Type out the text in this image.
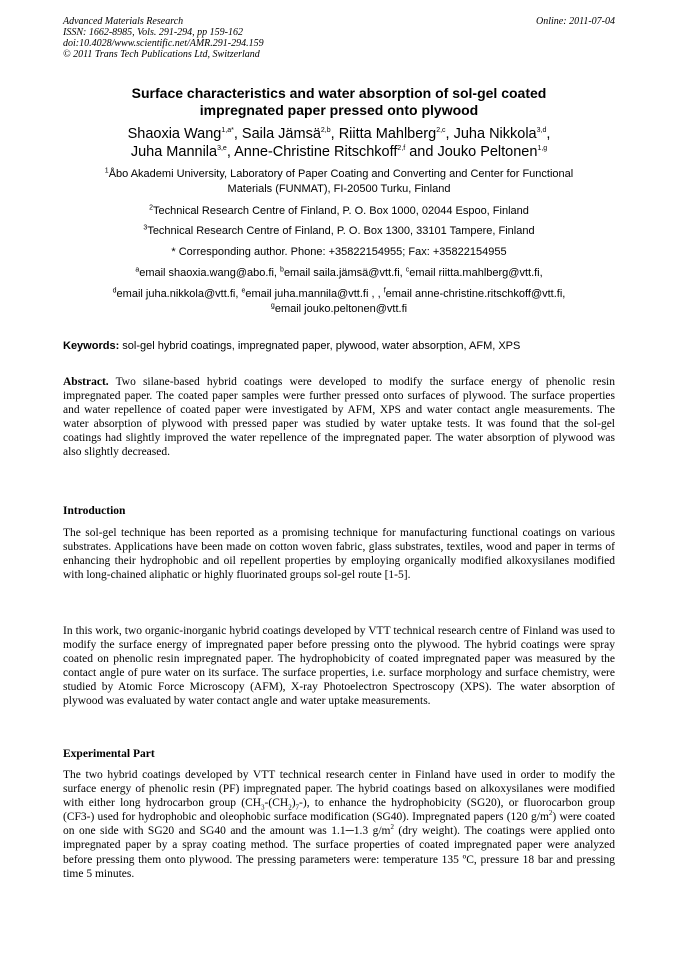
Advanced Materials Research
ISSN: 1662-8985, Vols. 291-294, pp 159-162
doi:10.4028/www.scientific.net/AMR.291-294.159
© 2011 Trans Tech Publications Ltd, Switzerland
Online: 2011-07-04
Surface characteristics and water absorption of sol-gel coated
impregnated paper pressed onto plywood
Shaoxia Wang$^{1,a*}$, Saila Jämsä$^{2,b}$, Riitta Mahlberg$^{2,c}$, Juha Nikkola$^{3,d}$,
Juha Mannila$^{3,e}$, Anne-Christine Ritschkoff$^{2,f}$ and Jouko Peltonen$^{1,g}$
$^1$Åbo Akademi University, Laboratory of Paper Coating and Converting and Center for Functional
Materials (FUNMAT), FI-20500 Turku, Finland
$^2$Technical Research Centre of Finland, P. O. Box 1000, 02044 Espoo, Finland
$^3$Technical Research Centre of Finland, P. O. Box 1300, 33101 Tampere, Finland
* Corresponding author. Phone: +35822154955; Fax: +35822154955
$^a$email shaoxia.wang@abo.fi, $^b$email saila.jämsä@vtt.fi, $^c$email riitta.mahlberg@vtt.fi,
$^d$email juha.nikkola@vtt.fi, $^e$email juha.mannila@vtt.fi , , $^f$email anne-christine.ritschkoff@vtt.fi,
$^g$email jouko.peltonen@vtt.fi
Keywords: sol-gel hybrid coatings, impregnated paper, plywood, water absorption, AFM, XPS
Abstract. Two silane-based hybrid coatings were developed to modify the surface energy of phenolic resin impregnated paper. The coated paper samples were further pressed onto surfaces of plywood. The surface properties and water repellence of coated paper were investigated by AFM, XPS and water contact angle measurements. The water absorption of plywood with pressed paper was studied by water uptake tests. It was found that the sol-gel coatings had slightly improved the water repellence of the impregnated paper. The water absorption of plywood was also slightly decreased.
Introduction
The sol-gel technique has been reported as a promising technique for manufacturing functional coatings on various substrates. Applications have been made on cotton woven fabric, glass substrates, textiles, wood and paper in terms of enhancing their hydrophobic and oil repellent properties by employing organically modified alkoxysilanes modified with long-chained aliphatic or highly fluorinated groups sol-gel route [1-5].
In this work, two organic-inorganic hybrid coatings developed by VTT technical research centre of Finland was used to modify the surface energy of impregnated paper before pressing onto the plywood. The hybrid coatings were spray coated on phenolic resin impregnated paper. The hydrophobicity of coated impregnated paper was measured by the contact angle of pure water on its surface. The surface properties, i.e. surface morphology and surface chemistry, were studied by Atomic Force Microscopy (AFM), X-ray Photoelectron Spectroscopy (XPS). The water absorption of plywood was evaluated by water contact angle and water uptake measurements.
Experimental Part
The two hybrid coatings developed by VTT technical research center in Finland have used in order to modify the surface energy of phenolic resin (PF) impregnated paper. The hybrid coatings based on alkoxysilanes were modified with either long hydrocarbon group $(CH_3-(CH_2)_7-)$, to enhance the hydrophobicity (SG20), or fluorocarbon group (CF3-) used for hydrophobic and oleophobic surface modification (SG40). Impregnated papers (120 $g/m^2$) were coated on one side with SG20 and SG40 and the amount was 1.1─1.3 $g/m^2$ (dry weight). The coatings were applied onto impregnated paper by a spray coating method. The surface properties of coated impregnated paper were analyzed before pressing them onto plywood. The pressing parameters were: temperature 135 ºC, pressure 18 bar and pressing time 5 minutes.
